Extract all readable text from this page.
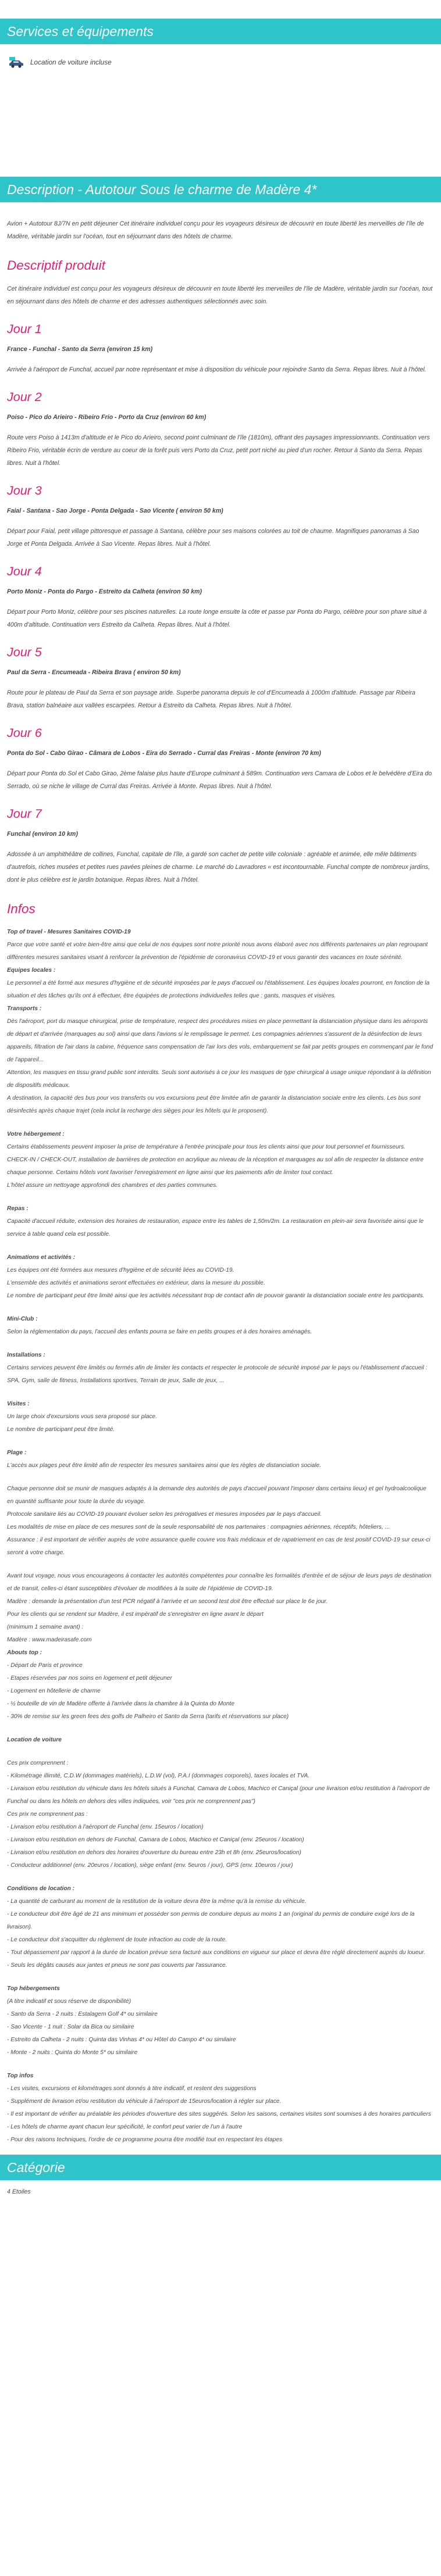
Services et équipements
Location de voiture incluse
Description - Autotour Sous le charme de Madère 4*

Avion + Autotour 8J/7N en petit déjeuner Cet itinéraire individuel conçu pour les voyageurs désireux de découvrir en toute liberté les merveilles de l'île de Madère, véritable jardin sur l'océan, tout en séjournant dans des hôtels de charme.

Descriptif produit

Cet itinéraire individuel est conçu pour les voyageurs désireux de découvrir en toute liberté les merveilles de l'île de Madère, véritable jardin sur l'océan, tout en séjournant dans des hôtels de charme et des adresses authentiques sélectionnés avec soin.

Jour 1

France - Funchal - Santo da Serra (environ 15 km)

Arrivée à l'aéroport de Funchal, accueil par notre représentant et mise à disposition du véhicule pour rejoindre Santo da Serra. Repas libres. Nuit à l'hôtel.

Jour 2

Poiso - Pico do Arieiro - Ribeiro Frio - Porto da Cruz (environ 60 km)

Route vers Poiso à 1413m d'altitude et le Pico do Arieiro, second point culminant de l'île (1810m), offrant des paysages impressionnants. Continuation vers Ribeiro Frio, véritable écrin de verdure au coeur de la forêt puis vers Porto da Cruz, petit port niché au pied d'un rocher. Retour à Santo da Serra. Repas libres. Nuit à l'hôtel.

Jour 3

Faial - Santana - Sao Jorge - Ponta Delgada - Sao Vicente ( environ 50 km)

Départ pour Faial, petit village pittoresque et passage à Santana, célèbre pour ses maisons colorées au toit de chaume. Magnifiques panoramas à Sao Jorge et Ponta Delgada. Arrivée à Sao Vicente. Repas libres. Nuit à l'hôtel.

Jour 4

Porto Moniz - Ponta do Pargo - Estreito da Calheta (environ 50 km)

Départ pour Porto Moniz, célèbre pour ses piscines naturelles. La route longe ensuite la côte et passe par Ponta do Pargo, célèbre pour son phare situé à 400m d'altitude. Continuation vers Estreito da Calheta. Repas libres. Nuit à l'hôtel.

Jour 5

Paul da Serra - Encumeada - Ribeira Brava ( environ 50 km)

Route pour le plateau de Paul da Serra et son paysage aride. Superbe panorama depuis le col d'Encumeada à 1000m d'altitude. Passage par Ribeira Brava, station balnéaire aux vallées escarpées. Retour à Estreito da Calheta. Repas libres. Nuit à l'hôtel.

Jour 6

Ponta do Sol - Cabo Girao - Câmara de Lobos - Eira do Serrado - Curral das Freiras - Monte (environ 70 km)

Départ pour Ponta do Sol et Cabo Girao, 2ème falaise plus haute d'Europe culminant à 589m. Continuation vers Camara de Lobos et le belvédère d'Eira do Serrado, où se niche le village de Curral das Freiras. Arrivée à Monte. Repas libres. Nuit à l'hôtel.

Jour 7

Funchal (environ 10 km)

Adossée à un amphithéâtre de collines, Funchal, capitale de l'île, a gardé son cachet de petite ville coloniale : agréable et animée, elle mêle bâtiments d'autrefois, riches musées et petites rues pavées pleines de charme. Le marché do Lavradores « est incontournable. Funchal compte de nombreux jardins, dont le plus célèbre est le jardin botanique. Repas libres. Nuit à l'hôtel.

Infos
Top of travel - Mesures Sanitaires COVID-19
Parce que votre santé et votre bien-être ainsi que celui de nos équipes sont notre priorité nous avons élaboré avec nos différents partenaires un plan regroupant différentes mesures sanitaires visant à renforcer la prévention de l'épidémie de coronavirus COVID-19 et vous garantir des vacances en toute sérénité.
Equipes locales :
Le personnel a été formé aux mesures d'hygiène et de sécurité imposées par le pays d'accueil ou l'établissement. Les équipes locales pourront, en fonction de la situation et des tâches qu'ils ont à effectuer, être équipées de protections individuelles telles que : gants, masques et visières.
Transports :
Dès l'aéroport, port du masque chirurgical, prise de température, respect des procédures mises en place permettant la distanciation physique dans les aéroports de départ et d'arrivée (marquages au sol) ainsi que dans l'avions si le remplissage le permet. Les compagnies aériennes s'assurent de la désinfection de leurs appareils, filtration de l'air dans la cabine, fréquence sans compensation de l'air lors des vols, embarquement se fait par petits groupes en commençant par le fond de l'appareil...
Attention, les masques en tissu grand public sont interdits. Seuls sont autorisés à ce jour les masques de type chirurgical à usage unique répondant à la définition de dispositifs médicaux.
A destination, la capacité des bus pour vos transferts ou vos excursions peut être limitée afin de garantir la distanciation sociale entre les clients. Les bus sont désinfectés après chaque trajet (cela inclut la recharge des sièges pour les hôtels qui le proposent).
Votre hébergement :
Certains établissements peuvent imposer la prise de température à l'entrée principale pour tous les clients ainsi que pour tout personnel et fournisseurs.
CHECK-IN / CHECK-OUT, installation de barrières de protection en acrylique au niveau de la réception et marquages au sol afin de respecter la distance entre chaque personne. Certains hôtels vont favoriser l'enregistrement en ligne ainsi que les paiements afin de limiter tout contact.
L'hôtel assure un nettoyage approfondi des chambres et des parties communes.
Repas :
Capacité d'accueil réduite, extension des horaires de restauration, espace entre les tables de 1,50m/2m. La restauration en plein-air sera favorisée ainsi que le service à table quand cela est possible.
Animations et activités :
Les équipes ont été formées aux mesures d'hygiène et de sécurité liées au COVID-19.
L'ensemble des activités et animations seront effectuées en extérieur, dans la mesure du possible.
Le nombre de participant peut être limité ainsi que les activités nécessitant trop de contact afin de pouvoir garantir la distanciation sociale entre les participants.
Mini-Club :
Selon la réglementation du pays, l'accueil des enfants pourra se faire en petits groupes et à des horaires aménagés.
Installations :
Certains services peuvent être limités ou fermés afin de limiter les contacts et respecter le protocole de sécurité imposé par le pays ou l'établissement d'accueil :
SPA, Gym, salle de fitness, Installations sportives, Terrain de jeux, Salle de jeux, ...
Visites :
Un large choix d'excursions vous sera proposé sur place.
Le nombre de participant peut être limité.
Plage :
L'accès aux plages peut être limité afin de respecter les mesures sanitaires ainsi que les règles de distanciation sociale.
Chaque personne doit se munir de masques adaptés à la demande des autorités de pays d'accueil pouvant l'imposer dans certains lieux) et gel hydroalcoolique en quantité suffisante pour toute la durée du voyage.
Protocole sanitaire liés au COVID-19 pouvant évoluer selon les prérogatives et mesures imposées par le pays d'accueil.
Les modalités de mise en place de ces mesures sont de la seule responsabilité de nos partenaires : compagnies aériennes, réceptifs, hôteliers, ...
Assurance : il est important de vérifier auprès de votre assurance quelle couvre vos frais médicaux et de rapatriement en cas de test positif COVID-19 sur ceux-ci seront à votre charge.
Avant tout voyage, nous vous encourageons à contacter les autorités compétentes pour connaître les formalités d'entrée et de séjour de leurs pays de destination et de transit, celles-ci étant susceptibles d'évoluer de modifiées à la suite de l'épidémie de COVID-19.
Madère : demande la présentation d'un test PCR négatif à l'arrivée et un second test doit être effectué sur place le 6e jour.
Pour les clients qui se rendent sur Madère, il est impératif de s'enregistrer en ligne avant le départ
(minimum 1 semaine avant) :
Madère : www.madeirasafe.com
Abouts top :
- Départ de Paris et province
- Etapes réservées par nos soins en logement et petit déjeuner
- Logement en hôtellerie de charme
- ½ bouteille de vin de Madère offerte à l'arrivée dans la chambre à la Quinta do Monte
- 30% de remise sur les green fees des golfs de Palheiro et Santo da Serra (tarifs et réservations sur place)
Location de voiture
Ces prix comprennent :
- Kilométrage illimité, C.D.W (dommages matériels), L.D.W (vol), P.A.I (dommages corporels), taxes locales et TVA.
- Livraison et/ou restitution du véhicule dans les hôtels situés à Funchal, Camara de Lobos, Machico et Caniçal (pour une livraison et/ou restitution à l'aéroport de Funchal ou dans les hôtels en dehors des villes indiquées, voir "ces prix ne comprennent pas")
Ces prix ne comprennent pas :
- Livraison et/ou restitution à l'aéroport de Funchal (env. 15euros / location)
- Livraison et/ou restitution en dehors de Funchal, Camara de Lobos, Machico et Caniçal (env. 25euros / location)
- Livraison et/ou restitution en dehors des horaires d'ouverture du bureau entre 23h et 8h (env. 25euros/location)
- Conducteur additionnel (env. 20euros / location), siège enfant (env. 5euros / jour), GPS (env. 10euros / jour)
Conditions de location :
- La quantité de carburant au moment de la restitution de la voiture devra être la même qu'à la remise du véhicule.
- Le conducteur doit être âgé de 21 ans minimum et posséder son permis de conduire depuis au moins 1 an (original du permis de conduire exigé lors de la livraison).
- Le conducteur doit s'acquitter du règlement de toute infraction au code de la route.
- Tout dépassement par rapport à la durée de location prévue sera facturé aux conditions en vigueur sur place et devra être réglé directement auprès du loueur.
- Seuls les dégâts causés aux jantes et pneus ne sont pas couverts par l'assurance.
Top hébergements
(A titre indicatif et sous réserve de disponibilité)
- Santo da Serra - 2 nuits : Estalagem Golf 4* ou similaire
- Sao Vicente - 1 nuit : Solar da Bica ou similaire
- Estreito da Calheta - 2 nuits : Quinta das Vinhas 4* ou Hôtel do Campo 4* ou similaire
- Monte - 2 nuits : Quinta do Monte 5* ou similaire
Top infos
- Les visites, excursions et kilométrages sont donnés à titre indicatif, et restent des suggestions
- Supplément de livraison et/ou restitution du véhicule à l'aéroport de 15euros/location à régler sur place.
- Il est important de vérifier au préalable les périodes d'ouverture des sites suggérés. Selon les saisons, certaines visites sont soumises à des horaires particuliers
- Les hôtels de charme ayant chacun leur spécificité, le confort peut varier de l'un à l'autre
- Pour des raisons techniques, l'ordre de ce programme pourra être modifié tout en respectant les étapes
Catégorie
4 Etoiles
